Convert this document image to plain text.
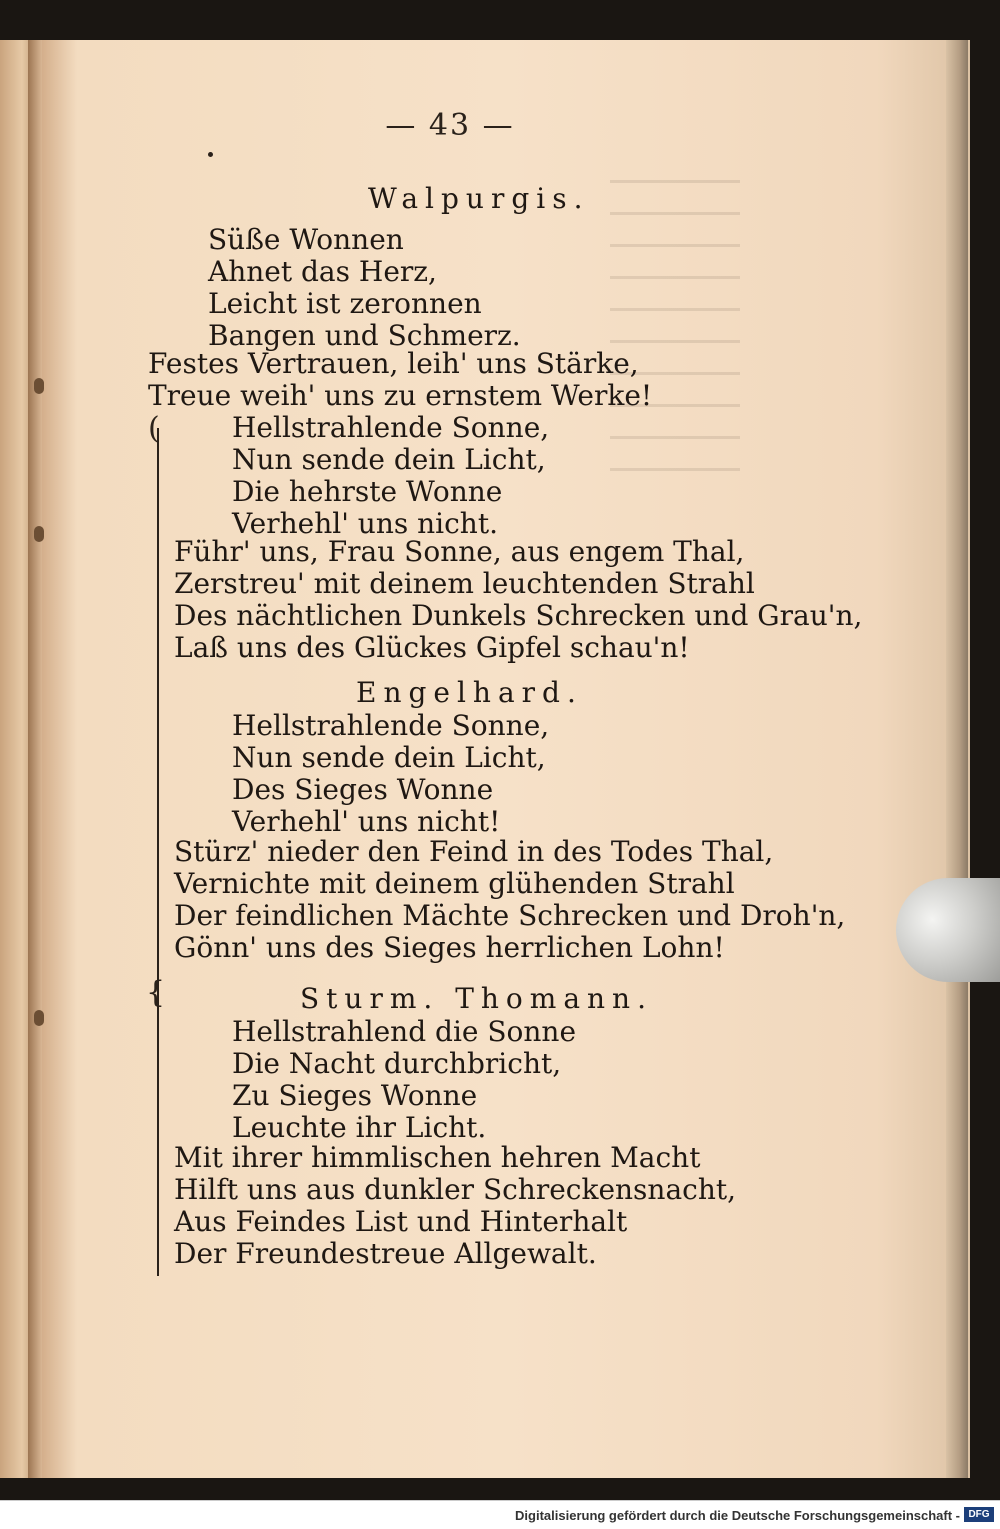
— 43 —
Walpurgis.
Süße Wonnen
Ahnet das Herz,
Leicht ist zeronnen
Bangen und Schmerz.
Festes Vertrauen, leih' uns Stärke,
Treue weih' uns zu ernstem Werke!
Hellstrahlende Sonne,
Nun sende dein Licht,
Die hehrste Wonne
Verhehl' uns nicht.
Führ' uns, Frau Sonne, aus engem Thal,
Zerstreu' mit deinem leuchtenden Strahl
Des nächtlichen Dunkels Schrecken und Grau'n,
Laß uns des Glückes Gipfel schau'n!
Engelhard.
Hellstrahlende Sonne,
Nun sende dein Licht,
Des Sieges Wonne
Verhehl' uns nicht!
Stürz' nieder den Feind in des Todes Thal,
Vernichte mit deinem glühenden Strahl
Der feindlichen Mächte Schrecken und Droh'n,
Gönn' uns des Sieges herrlichen Lohn!
Sturm. Thomann.
Hellstrahlend die Sonne
Die Nacht durchbricht,
Zu Sieges Wonne
Leuchte ihr Licht.
Mit ihrer himmlischen hehren Macht
Hilft uns aus dunkler Schreckensnacht,
Aus Feindes List und Hinterhalt
Der Freundestreue Allgewalt.
(
{
Digitalisierung gefördert durch die Deutsche Forschungsgemeinschaft - DFG
